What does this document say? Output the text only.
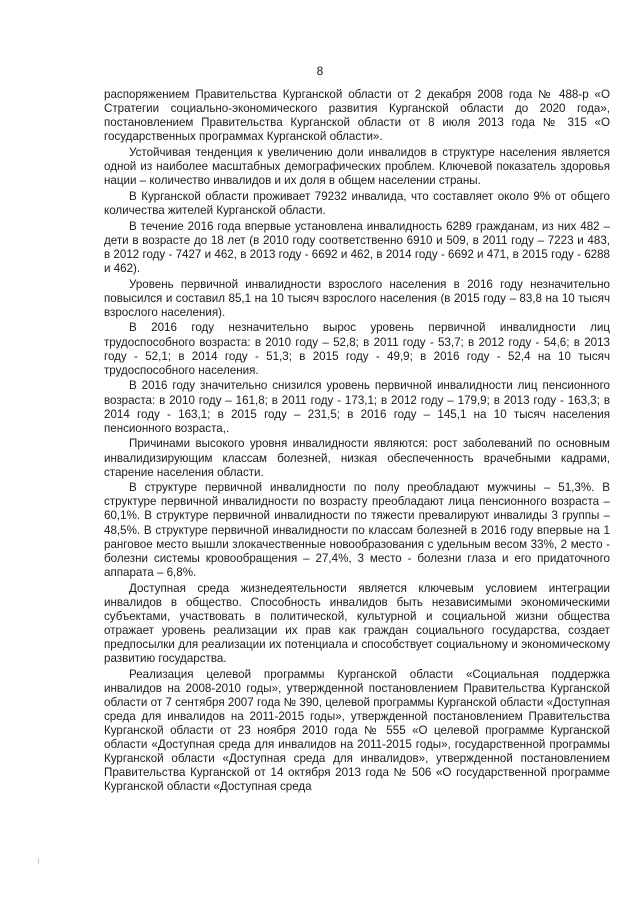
8

распоряжением Правительства Курганской области от 2 декабря 2008 года № 488-р «О Стратегии социально-экономического развития Курганской области до 2020 года», постановлением Правительства Курганской области от 8 июля 2013 года № 315 «О государственных программах Курганской области».

Устойчивая тенденция к увеличению доли инвалидов в структуре населения является одной из наиболее масштабных демографических проблем. Ключевой показатель здоровья нации – количество инвалидов и их доля в общем населении страны.

В Курганской области проживает 79232 инвалида, что составляет около 9% от общего количества жителей Курганской области.

В течение 2016 года впервые установлена инвалидность 6289 гражданам, из них 482 – дети в возрасте до 18 лет (в 2010 году соответственно 6910 и 509, в 2011 году – 7223 и 483, в 2012 году - 7427 и 462, в 2013 году - 6692 и 462, в 2014 году - 6692 и 471, в 2015 году - 6288 и 462).

Уровень первичной инвалидности взрослого населения в 2016 году незначительно повысился и составил 85,1 на 10 тысяч взрослого населения (в 2015 году – 83,8 на 10 тысяч взрослого населения).

В 2016 году незначительно вырос уровень первичной инвалидности лиц трудоспособного возраста: в 2010 году – 52,8; в 2011 году - 53,7; в 2012 году - 54,6; в 2013 году - 52,1; в 2014 году - 51,3; в 2015 году - 49,9; в 2016 году - 52,4 на 10 тысяч трудоспособного населения.

В 2016 году значительно снизился уровень первичной инвалидности лиц пенсионного возраста: в 2010 году – 161,8; в 2011 году - 173,1; в 2012 году – 179,9; в 2013 году - 163,3; в 2014 году - 163,1; в 2015 году – 231,5; в 2016 году – 145,1 на 10 тысяч населения пенсионного возраста,.

Причинами высокого уровня инвалидности являются: рост заболеваний по основным инвалидизирующим классам болезней, низкая обеспеченность врачебными кадрами, старение населения области.

В структуре первичной инвалидности по полу преобладают мужчины – 51,3%. В структуре первичной инвалидности по возрасту преобладают лица пенсионного возраста – 60,1%. В структуре первичной инвалидности по тяжести превалируют инвалиды 3 группы – 48,5%. В структуре первичной инвалидности по классам болезней в 2016 году впервые на 1 ранговое место вышли злокачественные новообразования с удельным весом 33%, 2 место - болезни системы кровообращения – 27,4%, 3 место - болезни глаза и его придаточного аппарата – 6,8%.

Доступная среда жизнедеятельности является ключевым условием интеграции инвалидов в общество. Способность инвалидов быть независимыми экономическими субъектами, участвовать в политической, культурной и социальной жизни общества отражает уровень реализации их прав как граждан социального государства, создает предпосылки для реализации их потенциала и способствует социальному и экономическому развитию государства.

Реализация целевой программы Курганской области «Социальная поддержка инвалидов на 2008-2010 годы», утвержденной постановлением Правительства Курганской области от 7 сентября 2007 года № 390, целевой программы Курганской области «Доступная среда для инвалидов на 2011-2015 годы», утвержденной постановлением Правительства Курганской области от 23 ноября 2010 года № 555 «О целевой программе Курганской области «Доступная среда для инвалидов на 2011-2015 годы», государственной программы Курганской области «Доступная среда для инвалидов», утвержденной постановлением Правительства Курганской от 14 октября 2013 года № 506 «О государственной программе Курганской области «Доступная среда
